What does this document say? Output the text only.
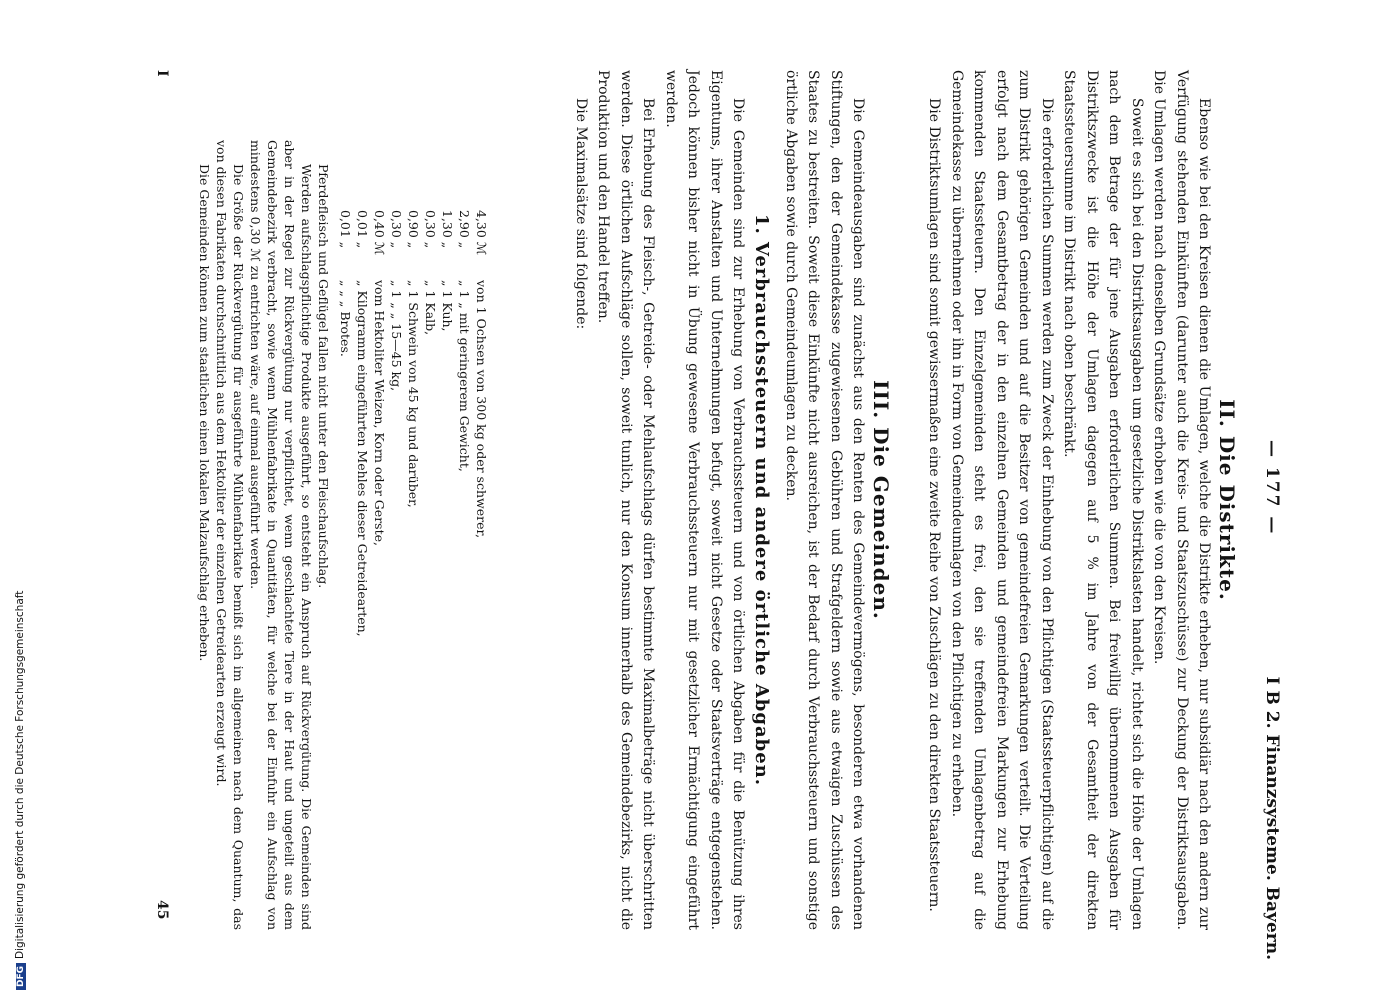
— 177 —
I B 2. Finanzsysteme. Bayern.
II. Die Distrikte.

Ebenso wie bei den Kreisen dienen die Umlagen, welche die Distrikte erheben, nur subsidiär nach den andern zur Verfügung stehenden Einkünften (darunter auch die Kreis- und Staatszuschüsse) zur Deckung der Distriktsausgaben. Die Umlagen werden nach denselben Grundsätze erhoben wie die von den Kreisen.

Soweit es sich bei den Distriktsausgaben um gesetzliche Distriktslasten handelt, richtet sich die Höhe der Umlagen nach dem Betrage der für jene Ausgaben erforderlichen Summen. Bei freiwillig übernommenen Ausgaben für Distriktszwecke ist die Höhe der Umlagen dagegen auf 5 % im Jahre von der Gesamtheit der direkten Staatssteuersumme im Distrikt nach oben beschränkt.

Die erforderlichen Summen werden zum Zweck der Einhebung von den Pflichtigen (Staatssteuerpflichtigen) auf die zum Distrikt gehörigen Gemeinden und auf die Besitzer von gemeindefreien Gemarkungen verteilt. Die Verteilung erfolgt nach dem Gesamtbetrag der in den einzelnen Gemeinden und gemeindefreien Markungen zur Erhebung kommenden Staatssteuern. Den Einzelgemeinden steht es frei, den sie treffenden Umlagenbetrag auf die Gemeindekasse zu übernehmen oder ihn in Form von Gemeindeumlagen von den Pflichtigen zu erheben.

Die Distriktsumlagen sind somit gewissermaßen eine zweite Reihe von Zuschlägen zu den direkten Staatssteuern.

III. Die Gemeinden.

Die Gemeindeausgaben sind zunächst aus den Renten des Gemeindevermögens, besonderen etwa vorhandenen Stiftungen, den der Gemeindekasse zugewiesenen Gebühren und Strafgeldern sowie aus etwaigen Zuschüssen des Staates zu bestreiten. Soweit diese Einkünfte nicht ausreichen, ist der Bedarf durch Verbrauchssteuern und sonstige örtliche Abgaben sowie durch Gemeindeumlagen zu decken.

1. Verbrauchssteuern und andere örtliche Abgaben.

Die Gemeinden sind zur Erhebung von Verbrauchssteuern und von örtlichen Abgaben für die Benützung ihres Eigentums, ihrer Anstalten und Unternehmungen befugt, soweit nicht Gesetze oder Staatsverträge entgegenstehen. Jedoch können bisher nicht in Übung gewesene Verbrauchssteuern nur mit gesetzlicher Ermächtigung eingeführt werden.

Bei Erhebung des Fleisch-, Getreide- oder Mehlaufschlags dürfen bestimmte Maximalbeträge nicht überschritten werden. Diese örtlichen Aufschläge sollen, soweit tunlich, nur den Konsum innerhalb des Gemeindebezirks, nicht die Produktion und den Handel treffen.

Die Maximalsätze sind folgende:

4,30 ℳvon 1 Ochsen von 300 kg oder schwerer,
2,90 „„ 1 „ mit geringerem Gewicht,
1,30 „„ 1 Kuh,
0,30 „„ 1 Kalb,
0,90 „„ 1 Schwein von 45 kg und darüber,
0,30 „„ 1 „ „ 15—45 kg,
0,40 ℳvom Hektoliter Weizen, Korn oder Gerste,
0,01 „„ Kilogramm eingeführten Mehles dieser Getreidearten,
0,01 „„ „ „ Brotes.

Pferdefleisch und Geflügel fallen nicht unter den Fleischaufschlag.

Werden aufschlagspflichtige Produkte ausgeführt, so entsteht ein Anspruch auf Rückvergütung. Die Gemeinden sind aber in der Regel zur Rückvergütung nur verpflichtet, wenn geschlachtete Tiere in der Haut und ungeteilt aus dem Gemeindebezirk verbracht, sowie wenn Mühlenfabrikate in Quantitäten, für welche bei der Einfuhr ein Aufschlag von mindestens 0,30 ℳ zu entrichten wäre, auf einmal ausgeführt werden.

Die Größe der Rückvergütung für ausgeführte Mühlenfabrikate bemißt sich im allgemeinen nach dem Quantum, das von diesen Fabrikaten durchschnittlich aus dem Hektoliter der einzelnen Getreidearten erzeugt wird.

Die Gemeinden können zum staatlichen einen lokalen Malzaufschlag erheben.

I
45
DFGDigitalisierung gefördert durch die Deutsche Forschungsgemeinschaft
